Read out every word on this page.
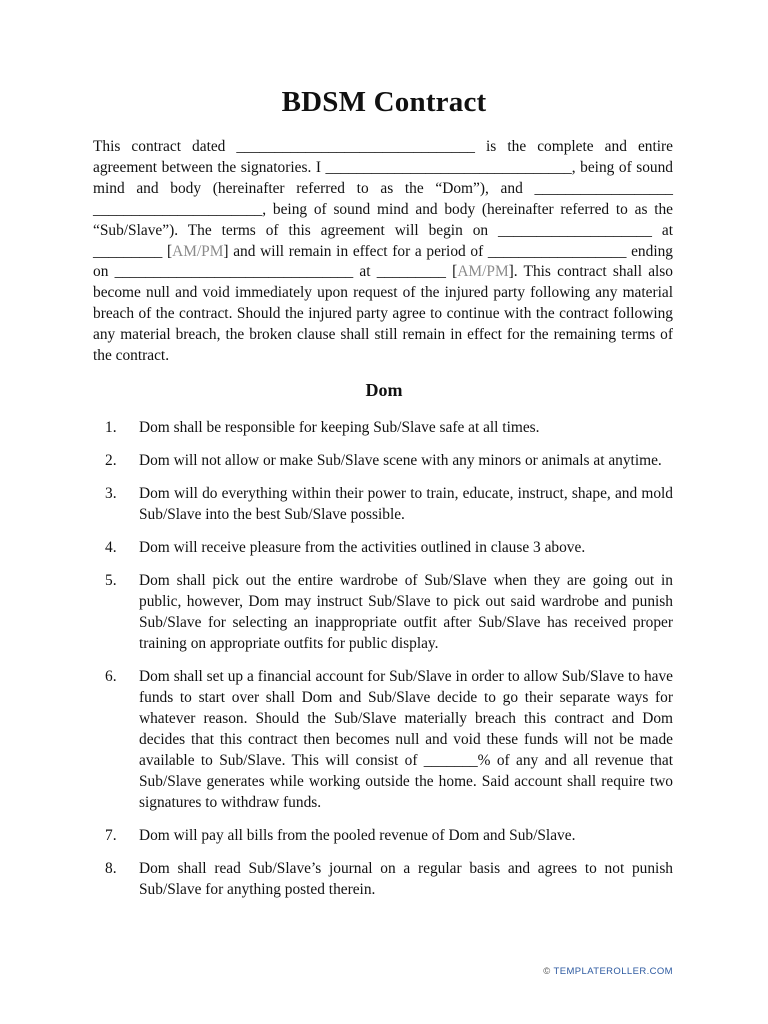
BDSM Contract

This contract dated _______________________________ is the complete and entire agreement between the signatories. I ________________________________, being of sound mind and body (hereinafter referred to as the “Dom”), and __________________ ______________________, being of sound mind and body (hereinafter referred to as the “Sub/Slave”). The terms of this agreement will begin on ____________________ at _________ [AM/PM] and will remain in effect for a period of __________________ ending on _______________________________ at _________ [AM/PM]. This contract shall also become null and void immediately upon request of the injured party following any material breach of the contract. Should the injured party agree to continue with the contract following any material breach, the broken clause shall still remain in effect for the remaining terms of the contract.

Dom
1.	Dom shall be responsible for keeping Sub/Slave safe at all times.
2.	Dom will not allow or make Sub/Slave scene with any minors or animals at anytime.
3.	Dom will do everything within their power to train, educate, instruct, shape, and mold Sub/Slave into the best Sub/Slave possible.
4.	Dom will receive pleasure from the activities outlined in clause 3 above.
5.	Dom shall pick out the entire wardrobe of Sub/Slave when they are going out in public, however, Dom may instruct Sub/Slave to pick out said wardrobe and punish Sub/Slave for selecting an inappropriate outfit after Sub/Slave has received proper training on appropriate outfits for public display.
6.	Dom shall set up a financial account for Sub/Slave in order to allow Sub/Slave to have funds to start over shall Dom and Sub/Slave decide to go their separate ways for whatever reason. Should the Sub/Slave materially breach this contract and Dom decides that this contract then becomes null and void these funds will not be made available to Sub/Slave. This will consist of _______% of any and all revenue that Sub/Slave generates while working outside the home. Said account shall require two signatures to withdraw funds.
7.	Dom will pay all bills from the pooled revenue of Dom and Sub/Slave.
8.	Dom shall read Sub/Slave’s journal on a regular basis and agrees to not punish Sub/Slave for anything posted therein.
© TEMPLATEROLLER.COM
